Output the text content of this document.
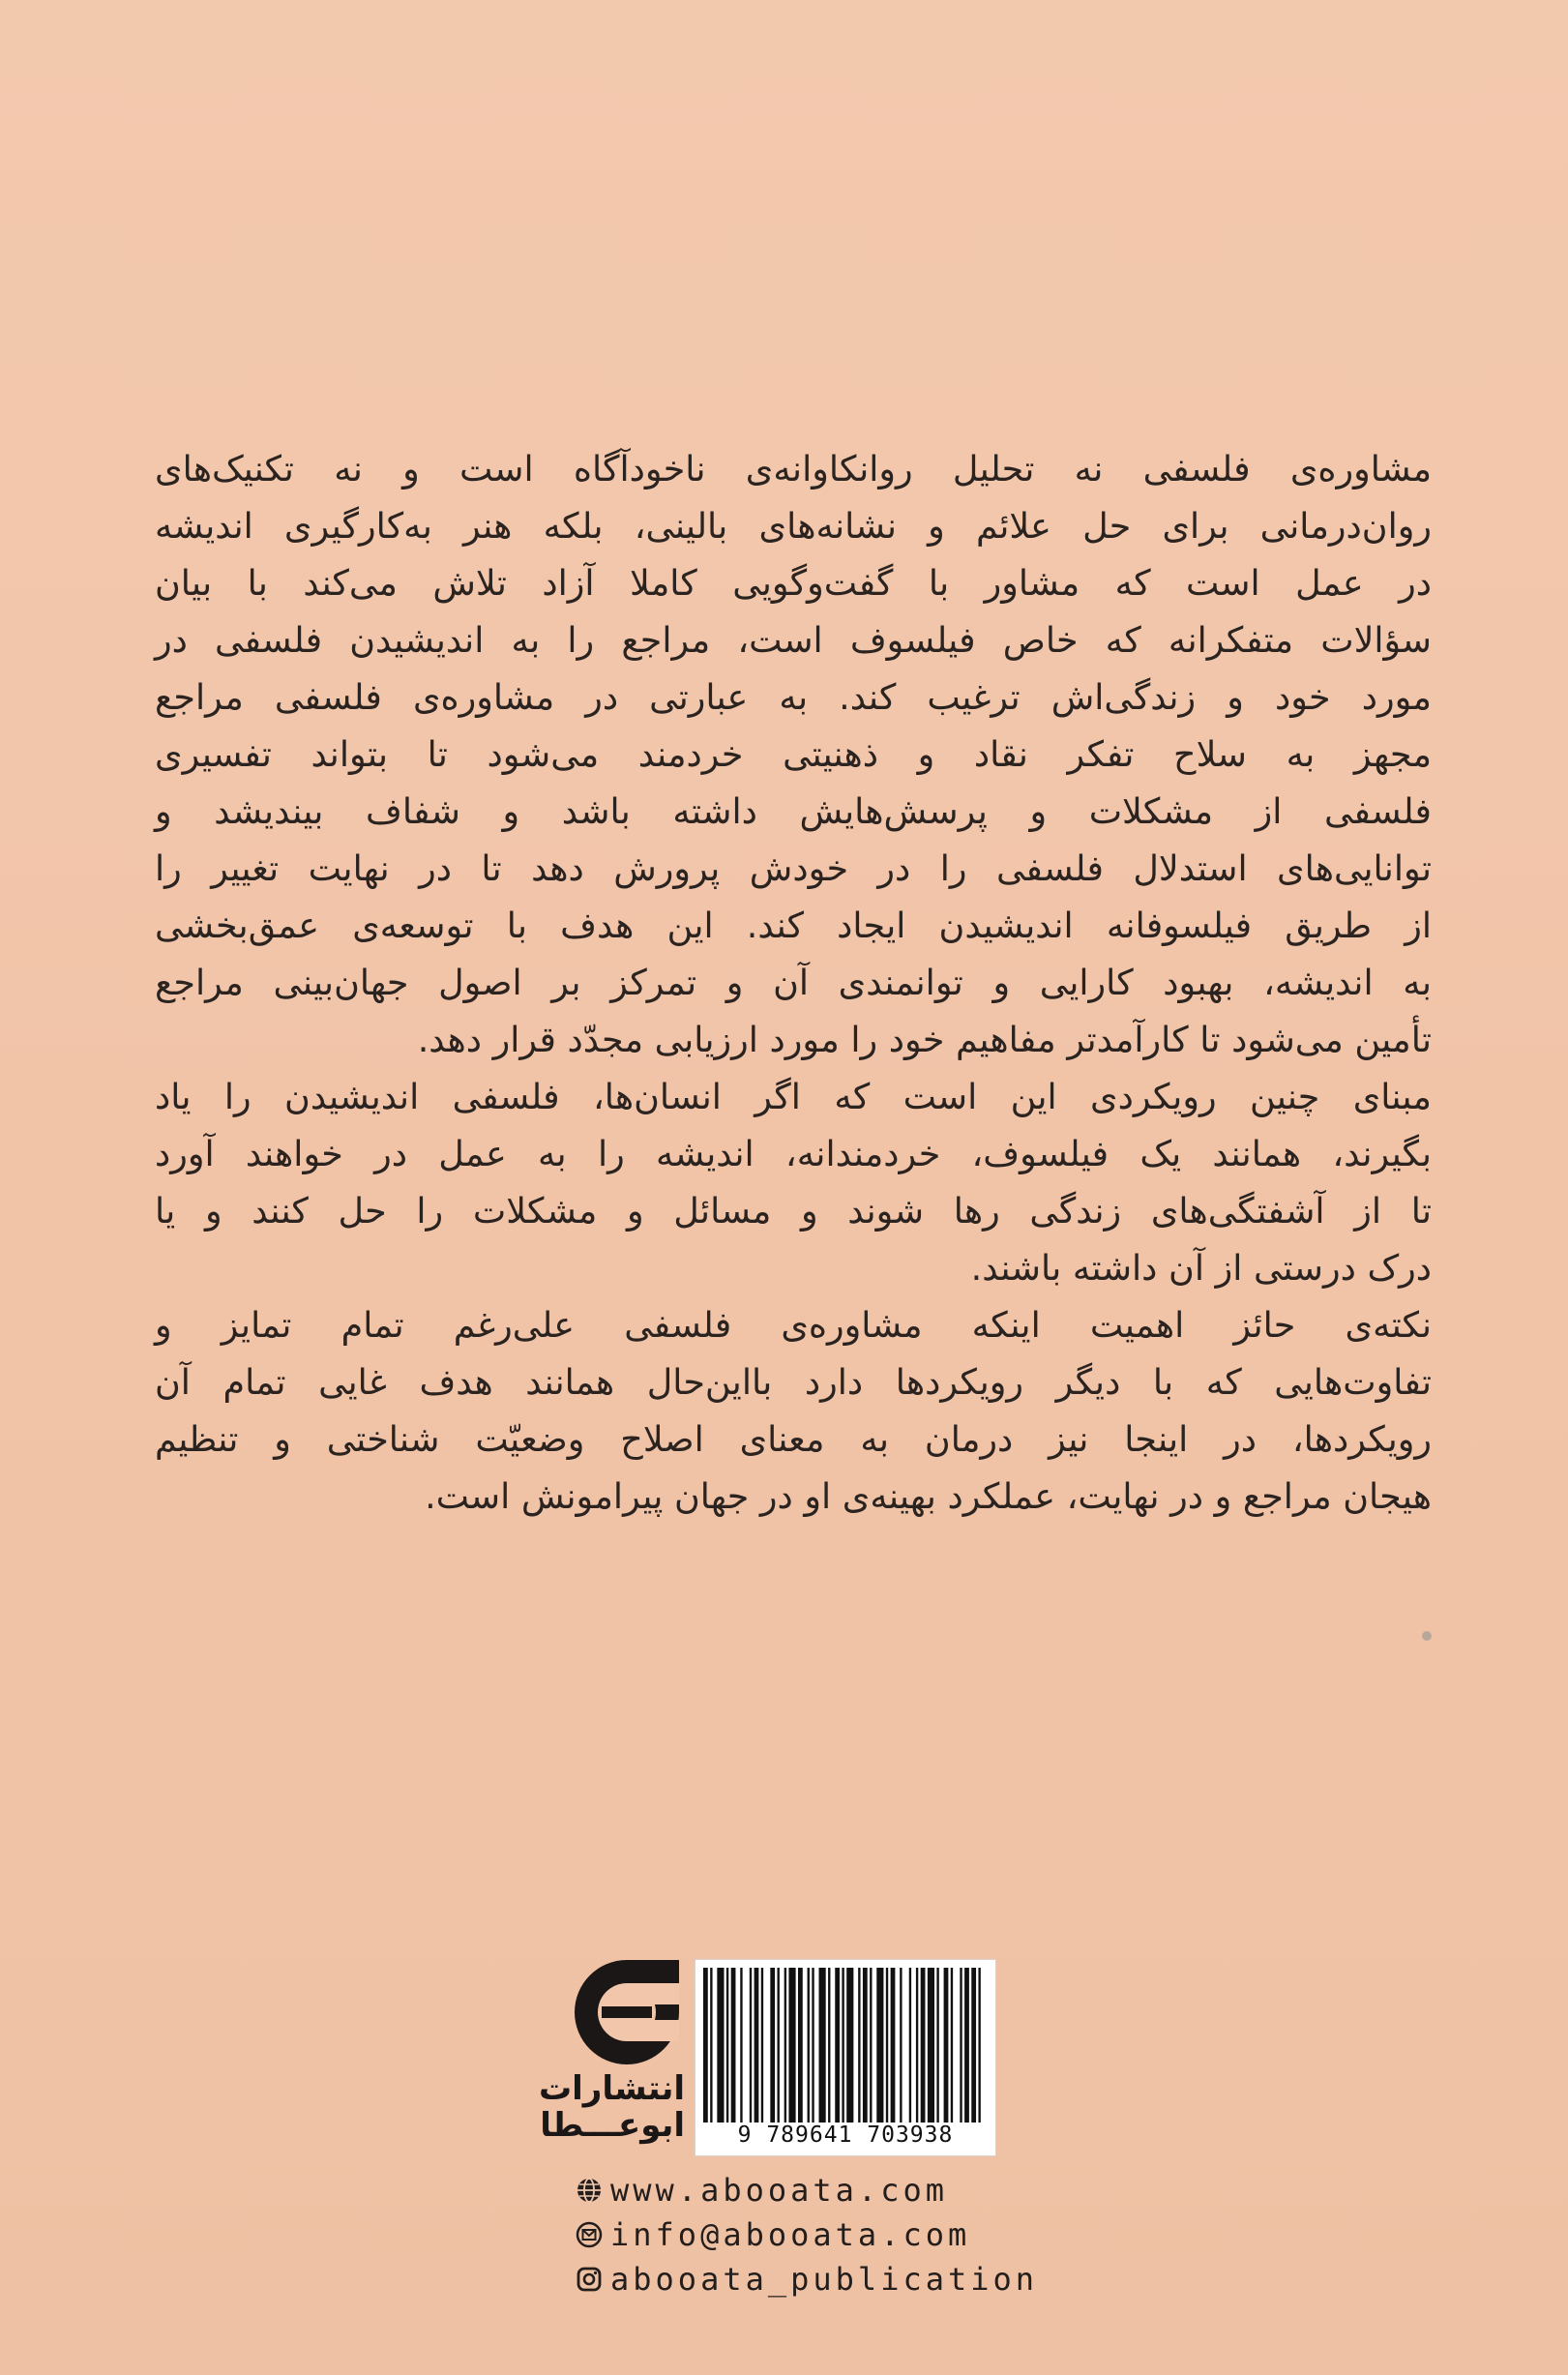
مشاوره‌ی فلسفی نه تحلیل روانکاوانه‌ی ناخودآگاه است و نه تکنیک‌های
روان‌درمانی برای حل علائم و نشانه‌های بالینی، بلکه هنر به‌کارگیری اندیشه
در عمل است که مشاور با گفت‌وگویی کاملا آزاد تلاش می‌کند با بیان
سؤالات متفکرانه که خاص فیلسوف است، مراجع را به اندیشیدن فلسفی در
مورد خود و زندگی‌اش ترغیب کند. به عبارتی در مشاوره‌ی فلسفی مراجع
مجهز به سلاح تفکر نقاد و ذهنیتی خردمند می‌شود تا بتواند تفسیری
فلسفی از مشکلات و پرسش‌هایش داشته باشد و شفاف بیندیشد و
توانایی‌های استدلال فلسفی را در خودش پرورش دهد تا در نهایت تغییر را
از طریق فیلسوفانه اندیشیدن ایجاد کند. این هدف با توسعه‌ی عمق‌بخشی
به اندیشه، بهبود کارایی و توانمندی آن و تمرکز بر اصول جهان‌بینی مراجع
تأمین می‌شود تا کارآمدتر مفاهیم خود را مورد ارزیابی مجدّد قرار دهد.

مبنای چنین رویکردی این است که اگر انسان‌ها، فلسفی اندیشیدن را یاد
بگیرند، همانند یک فیلسوف، خردمندانه، اندیشه را به عمل در خواهند آورد
تا از آشفتگی‌های زندگی رها شوند و مسائل و مشکلات را حل کنند و یا
درک درستی از آن داشته باشند.

نکته‌ی حائز اهمیت اینکه مشاوره‌ی فلسفی علی‌رغم تمام تمایز و
تفاوت‌هایی که با دیگر رویکردها دارد بااین‌حال همانند هدف غایی تمام آن
رویکردها، در اینجا نیز درمان به معنای اصلاح وضعیّت شناختی و تنظیم
هیجان مراجع و در نهایت، عملکرد بهینه‌ی او در جهان پیرامونش است.

انتشارات
ابوعـــطا	9 789641 703938
www.abooata.com
info@abooata.com
abooata_publication
